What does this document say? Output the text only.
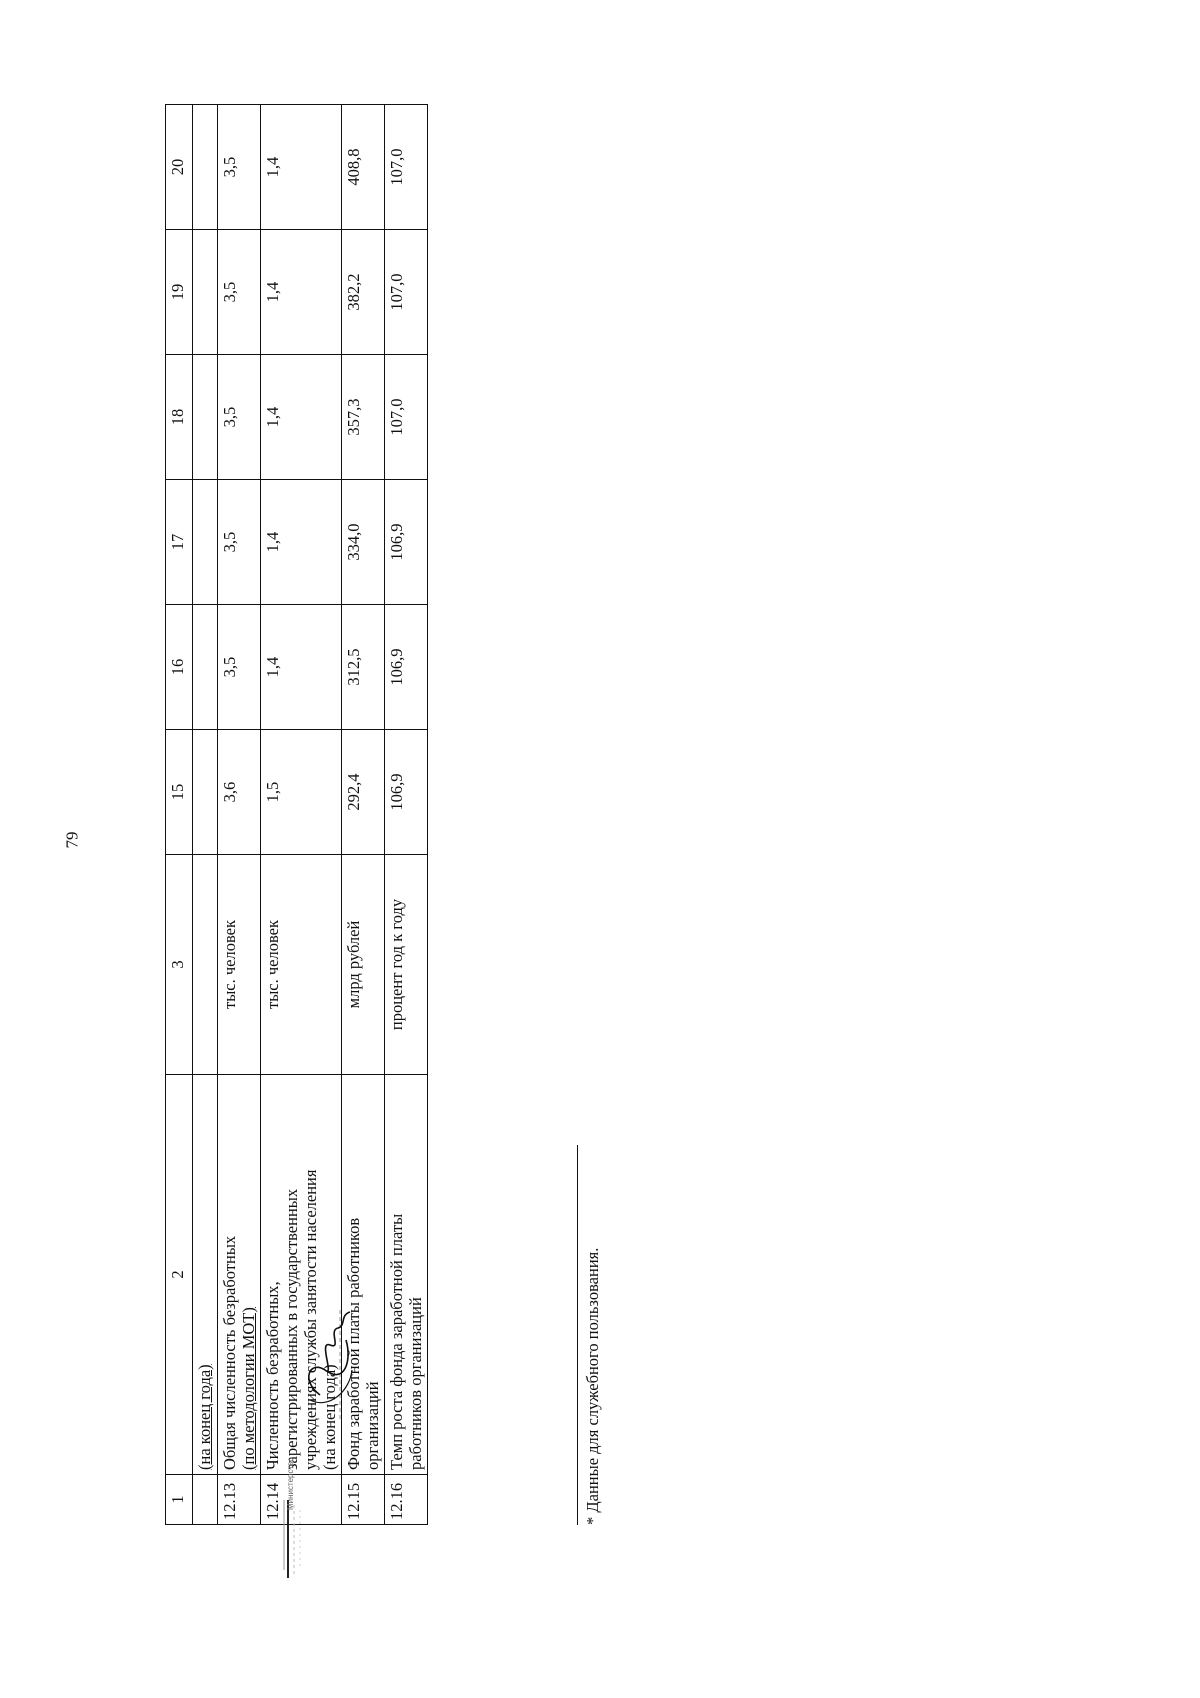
79
1	2	3	15	16	17	18	19	20
	(на конец года)							
12.13	Общая численность безработных (по методологии МОТ)	тыс. человек	3,6	3,5	3,5	3,5	3,5	3,5
12.14	Численность безработных, зарегистрированных в государственных учреждениях службы занятости населения (на конец года)	тыс. человек	1,5	1,4	1,4	1,4	1,4	1,4
12.15	Фонд заработной платы работников организаций	млрд рублей	292,4	312,5	334,0	357,3	382,2	408,8
12.16	Темп роста фонда заработной платы работников организаций	процент год к году	106,9	106,9	106,9	107,0	107,0	107,0
* Данные для служебного пользования.
Министерство
